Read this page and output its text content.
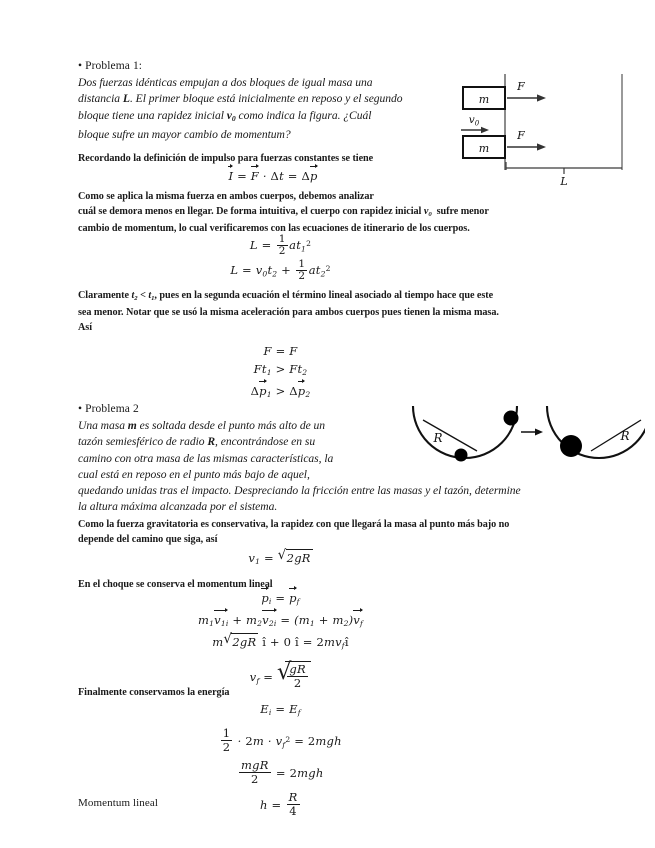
• Problema 1:
Dos fuerzas idénticas empujan a dos bloques de igual masa una
distancia L. El primer bloque está inicialmente en reposo y el segundo
bloque tiene una rapidez inicial $v_0$ como indica la figura. ¿Cuál
bloque sufre un mayor cambio de momentum?
m
F
$v_0$
m
F
L
Recordando la definición de impulso para fuerzas constantes se tiene
I = F · Δt = Δp
Como se aplica la misma fuerza en ambos cuerpos, debemos analizar
cuál se demora menos en llegar. De forma intuitiva, el cuerpo con rapidez inicial $v_0$  sufre menor
cambio de momentum, lo cual verificaremos con las ecuaciones de itinerario de los cuerpos.
$L = \frac{1}{2} at_1^2$
$L = v_0t_2 + \frac{1}{2} at_2^2$
Claramente $t_2 < t_1$, pues en la segunda ecuación el término lineal asociado al tiempo hace que este
sea menor. Notar que se usó la misma aceleración para ambos cuerpos pues tienen la misma masa.
Así
F = F
$Ft_1 > Ft_2$
$\Delta p_1 > \Delta p_2$
• Problema 2
Una masa m es soltada desde el punto más alto de un
tazón semiesférico de radio R, encontrándose en su
camino con otra masa de las mismas características, la
cual está en reposo en el punto más bajo de aquel,
quedando unidas tras el impacto. Despreciando la fricción entre las masas y el tazón, determine
la altura máxima alcanzada por el sistema.
R	R
Como la fuerza gravitatoria es conservativa, la rapidez con que llegará la masa al punto más bajo no
depende del camino que siga, así
$v_1$ = √ 2gR
En el choque se conserva el momentum lineal
$p_i = p_f$
$m_1v_{1i} + m_2v_{2i} = (m_1 + m_2)v_f$
m √ 2gR î + 0 î = $2mv_fî$
$v_f$ = √ $\frac{gR}{2}$
Finalmente conservamos la energía
$E_i = E_f$
$\frac{1}{2} \cdot 2m \cdot v_f^2 = 2mgh$
$\frac{\text{mgR}}{2} = 2mgh$
$h = \frac{R}{4}$
Momentum lineal
